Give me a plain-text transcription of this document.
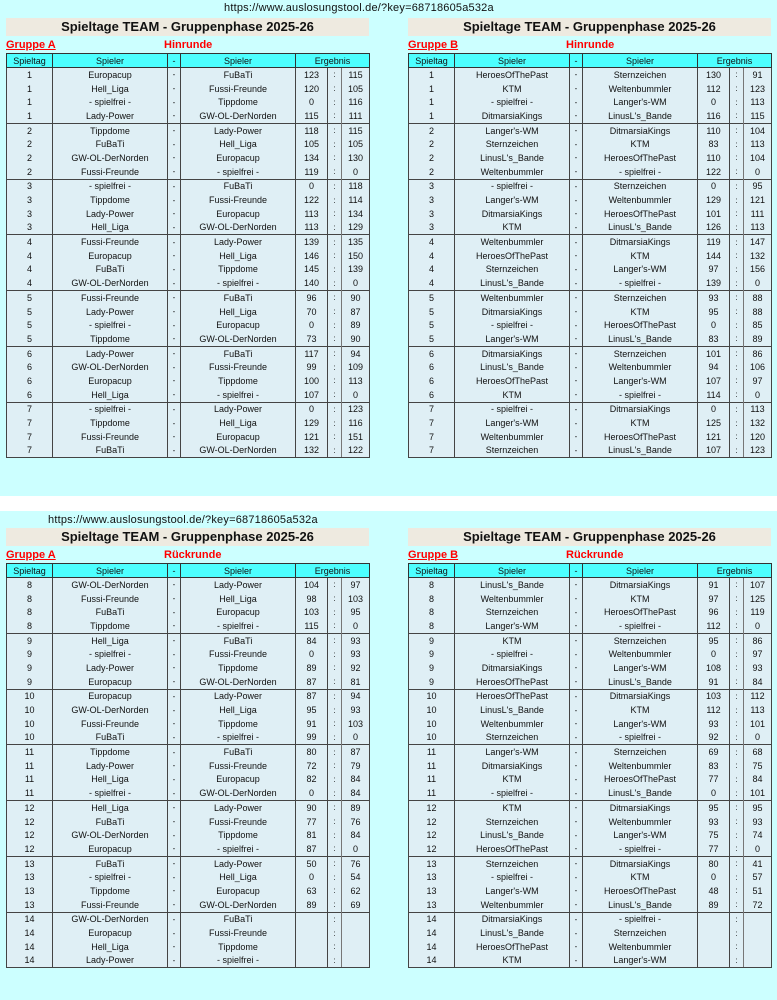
https://www.auslosungstool.de/?key=68718605a532a
https://www.auslosungstool.de/?key=68718605a532a
Spieltage TEAM - Gruppenphase 2025-26
Gruppe A	Hinrunde
Spieltag	Spieler	-	Spieler	Ergebnis		
1	Europacup	-	FuBaTi	123	:	115
1	Hell_Liga	-	Fussi-Freunde	120	:	105
1	- spielfrei -	-	Tippdome	0	:	116
1	Lady-Power	-	GW-OL-DerNorden	115	:	111
2	Tippdome	-	Lady-Power	118	:	115
2	FuBaTi	-	Hell_Liga	105	:	105
2	GW-OL-DerNorden	-	Europacup	134	:	130
2	Fussi-Freunde	-	- spielfrei -	119	:	0
3	- spielfrei -	-	FuBaTi	0	:	118
3	Tippdome	-	Fussi-Freunde	122	:	114
3	Lady-Power	-	Europacup	113	:	134
3	Hell_Liga	-	GW-OL-DerNorden	113	:	129
4	Fussi-Freunde	-	Lady-Power	139	:	135
4	Europacup	-	Hell_Liga	146	:	150
4	FuBaTi	-	Tippdome	145	:	139
4	GW-OL-DerNorden	-	- spielfrei -	140	:	0
5	Fussi-Freunde	-	FuBaTi	96	:	90
5	Lady-Power	-	Hell_Liga	70	:	87
5	- spielfrei -	-	Europacup	0	:	89
5	Tippdome	-	GW-OL-DerNorden	73	:	90
6	Lady-Power	-	FuBaTi	117	:	94
6	GW-OL-DerNorden	-	Fussi-Freunde	99	:	109
6	Europacup	-	Tippdome	100	:	113
6	Hell_Liga	-	- spielfrei -	107	:	0
7	- spielfrei -	-	Lady-Power	0	:	123
7	Tippdome	-	Hell_Liga	129	:	116
7	Fussi-Freunde	-	Europacup	121	:	151
7	FuBaTi	-	GW-OL-DerNorden	132	:	122
Spieltage TEAM - Gruppenphase 2025-26
Gruppe B	Hinrunde
Spieltag	Spieler	-	Spieler	Ergebnis		
1	HeroesOfThePast	-	Sternzeichen	130	:	91
1	KTM	-	Weltenbummler	112	:	123
1	- spielfrei -	-	Langer's-WM	0	:	113
1	DitmarsiaKings	-	LinusL's_Bande	116	:	115
2	Langer's-WM	-	DitmarsiaKings	110	:	104
2	Sternzeichen	-	KTM	83	:	113
2	LinusL's_Bande	-	HeroesOfThePast	110	:	104
2	Weltenbummler	-	- spielfrei -	122	:	0
3	- spielfrei -	-	Sternzeichen	0	:	95
3	Langer's-WM	-	Weltenbummler	129	:	121
3	DitmarsiaKings	-	HeroesOfThePast	101	:	111
3	KTM	-	LinusL's_Bande	126	:	113
4	Weltenbummler	-	DitmarsiaKings	119	:	147
4	HeroesOfThePast	-	KTM	144	:	132
4	Sternzeichen	-	Langer's-WM	97	:	156
4	LinusL's_Bande	-	- spielfrei -	139	:	0
5	Weltenbummler	-	Sternzeichen	93	:	88
5	DitmarsiaKings	-	KTM	95	:	88
5	- spielfrei -	-	HeroesOfThePast	0	:	85
5	Langer's-WM	-	LinusL's_Bande	83	:	89
6	DitmarsiaKings	-	Sternzeichen	101	:	86
6	LinusL's_Bande	-	Weltenbummler	94	:	106
6	HeroesOfThePast	-	Langer's-WM	107	:	97
6	KTM	-	- spielfrei -	114	:	0
7	- spielfrei -	-	DitmarsiaKings	0	:	113
7	Langer's-WM	-	KTM	125	:	132
7	Weltenbummler	-	HeroesOfThePast	121	:	120
7	Sternzeichen	-	LinusL's_Bande	107	:	123
Spieltage TEAM - Gruppenphase 2025-26
Gruppe A	Rückrunde
Spieltag	Spieler	-	Spieler	Ergebnis		
8	GW-OL-DerNorden	-	Lady-Power	104	:	97
8	Fussi-Freunde	-	Hell_Liga	98	:	103
8	FuBaTi	-	Europacup	103	:	95
8	Tippdome	-	- spielfrei -	115	:	0
9	Hell_Liga	-	FuBaTi	84	:	93
9	- spielfrei -	-	Fussi-Freunde	0	:	93
9	Lady-Power	-	Tippdome	89	:	92
9	Europacup	-	GW-OL-DerNorden	87	:	81
10	Europacup	-	Lady-Power	87	:	94
10	GW-OL-DerNorden	-	Hell_Liga	95	:	93
10	Fussi-Freunde	-	Tippdome	91	:	103
10	FuBaTi	-	- spielfrei -	99	:	0
11	Tippdome	-	FuBaTi	80	:	87
11	Lady-Power	-	Fussi-Freunde	72	:	79
11	Hell_Liga	-	Europacup	82	:	84
11	- spielfrei -	-	GW-OL-DerNorden	0	:	84
12	Hell_Liga	-	Lady-Power	90	:	89
12	FuBaTi	-	Fussi-Freunde	77	:	76
12	GW-OL-DerNorden	-	Tippdome	81	:	84
12	Europacup	-	- spielfrei -	87	:	0
13	FuBaTi	-	Lady-Power	50	:	76
13	- spielfrei -	-	Hell_Liga	0	:	54
13	Tippdome	-	Europacup	63	:	62
13	Fussi-Freunde	-	GW-OL-DerNorden	89	:	69
14	GW-OL-DerNorden	-	FuBaTi		:	
14	Europacup	-	Fussi-Freunde		:	
14	Hell_Liga	-	Tippdome		:	
14	Lady-Power	-	- spielfrei -		:	
Spieltage TEAM - Gruppenphase 2025-26
Gruppe B	Rückrunde
Spieltag	Spieler	-	Spieler	Ergebnis		
8	LinusL's_Bande	-	DitmarsiaKings	91	:	107
8	Weltenbummler	-	KTM	97	:	125
8	Sternzeichen	-	HeroesOfThePast	96	:	119
8	Langer's-WM	-	- spielfrei -	112	:	0
9	KTM	-	Sternzeichen	95	:	86
9	- spielfrei -	-	Weltenbummler	0	:	97
9	DitmarsiaKings	-	Langer's-WM	108	:	93
9	HeroesOfThePast	-	LinusL's_Bande	91	:	84
10	HeroesOfThePast	-	DitmarsiaKings	103	:	112
10	LinusL's_Bande	-	KTM	112	:	113
10	Weltenbummler	-	Langer's-WM	93	:	101
10	Sternzeichen	-	- spielfrei -	92	:	0
11	Langer's-WM	-	Sternzeichen	69	:	68
11	DitmarsiaKings	-	Weltenbummler	83	:	75
11	KTM	-	HeroesOfThePast	77	:	84
11	- spielfrei -	-	LinusL's_Bande	0	:	101
12	KTM	-	DitmarsiaKings	95	:	95
12	Sternzeichen	-	Weltenbummler	93	:	93
12	LinusL's_Bande	-	Langer's-WM	75	:	74
12	HeroesOfThePast	-	- spielfrei -	77	:	0
13	Sternzeichen	-	DitmarsiaKings	80	:	41
13	- spielfrei -	-	KTM	0	:	57
13	Langer's-WM	-	HeroesOfThePast	48	:	51
13	Weltenbummler	-	LinusL's_Bande	89	:	72
14	DitmarsiaKings	-	- spielfrei -		:	
14	LinusL's_Bande	-	Sternzeichen		:	
14	HeroesOfThePast	-	Weltenbummler		:	
14	KTM	-	Langer's-WM		:	
